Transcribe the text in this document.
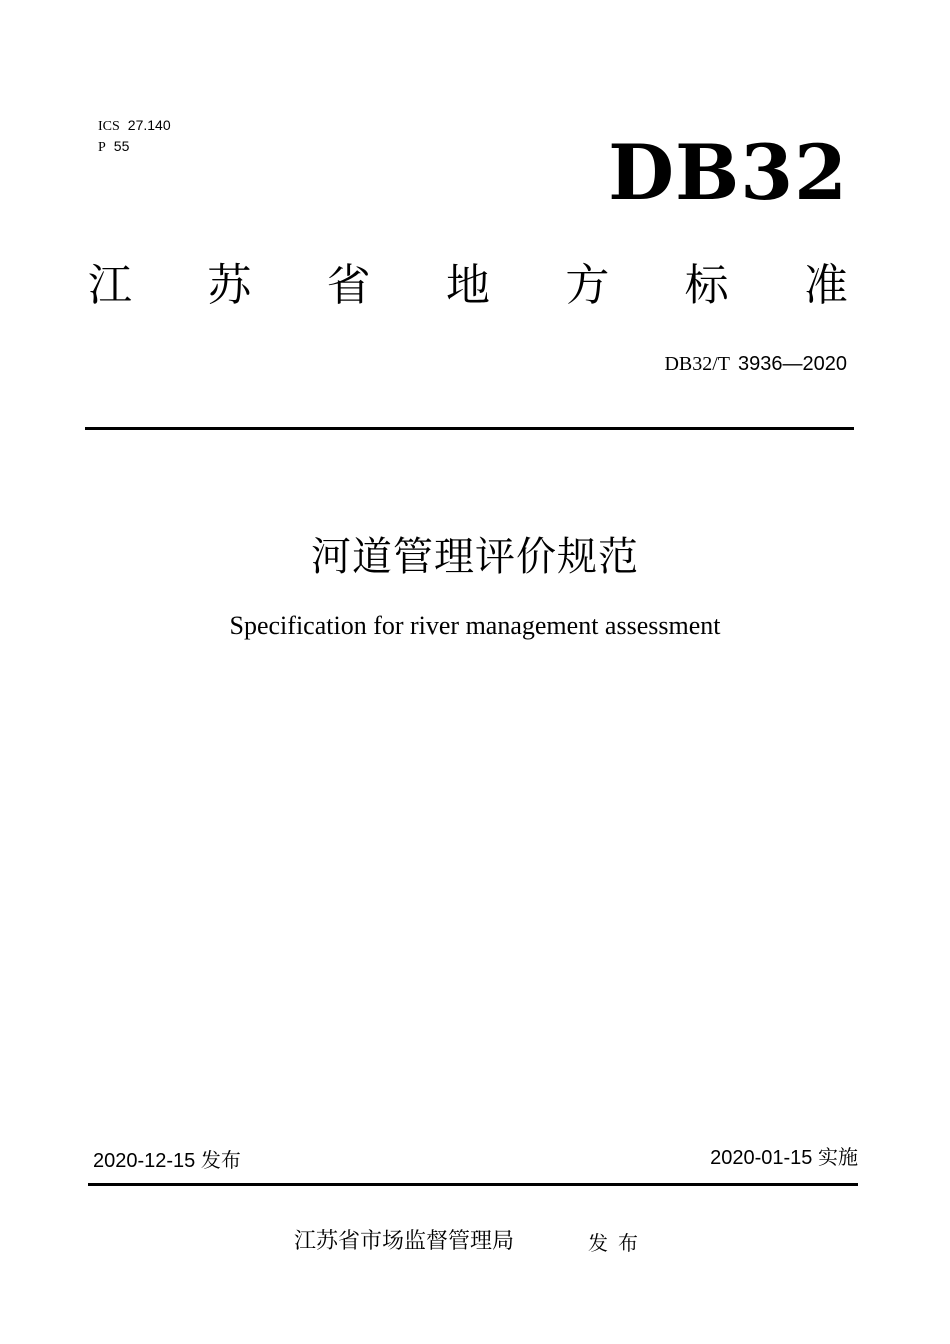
ICS 27.140
P 55	DB32
江 苏 省 地 方 标 准
DB32/T 3936—2020
河道管理评价规范
Specification for river management assessment
2020-12-15 发布	2020-01-15 实施
江苏省市场监督管理局	发布
